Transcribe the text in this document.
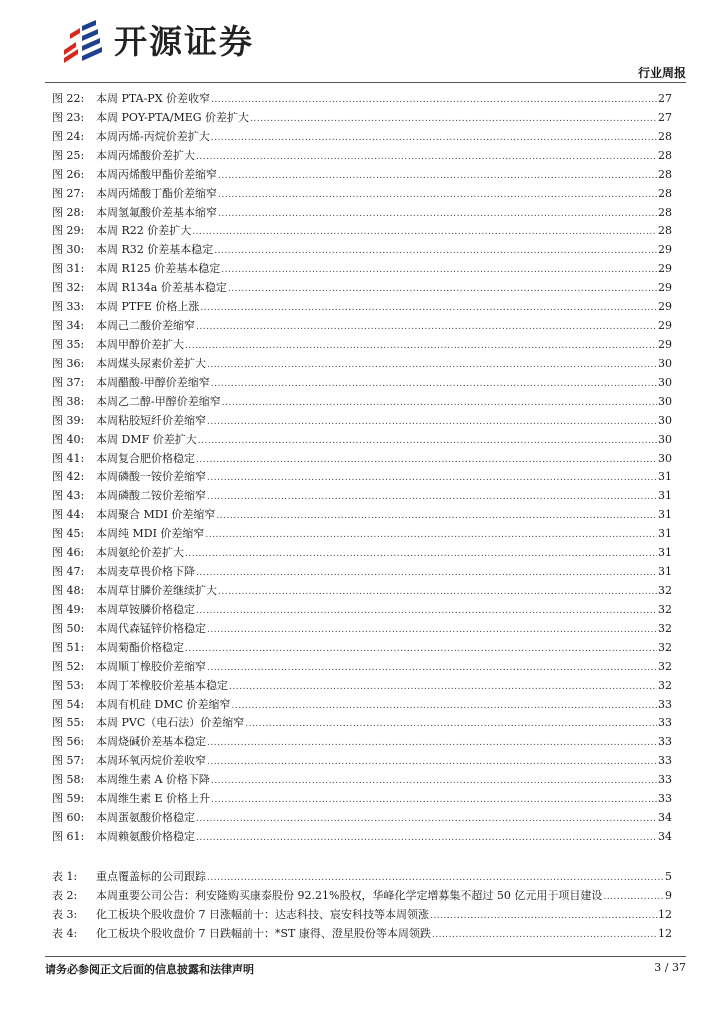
开源证券
行业周报
图 22:	本周 PTA-PX 价差收窄 .....	27
图 23:	本周 POY-PTA/MEG 价差扩大 .....	27
图 24:	本周丙烯-丙烷价差扩大 .....	28
图 25:	本周丙烯酸价差扩大 .....	28
图 26:	本周丙烯酸甲酯价差缩窄 .....	28
图 27:	本周丙烯酸丁酯价差缩窄 .....	28
图 28:	本周氢氟酸价差基本缩窄 .....	28
图 29:	本周 R22 价差扩大 .....	28
图 30:	本周 R32 价差基本稳定 .....	29
图 31:	本周 R125 价差基本稳定 .....	29
图 32:	本周 R134a 价差基本稳定 .....	29
图 33:	本周 PTFE 价格上涨 .....	29
图 34:	本周己二酸价差缩窄 .....	29
图 35:	本周甲醇价差扩大 .....	29
图 36:	本周煤头尿素价差扩大 .....	30
图 37:	本周醋酸-甲醇价差缩窄 .....	30
图 38:	本周乙二醇-甲醇价差缩窄 .....	30
图 39:	本周粘胶短纤价差缩窄 .....	30
图 40:	本周 DMF 价差扩大 .....	30
图 41:	本周复合肥价格稳定 .....	30
图 42:	本周磷酸一铵价差缩窄 .....	31
图 43:	本周磷酸二铵价差缩窄 .....	31
图 44:	本周聚合 MDI 价差缩窄 .....	31
图 45:	本周纯 MDI 价差缩窄 .....	31
图 46:	本周氨纶价差扩大 .....	31
图 47:	本周麦草畏价格下降 .....	31
图 48:	本周草甘膦价差继续扩大 .....	32
图 49:	本周草铵膦价格稳定 .....	32
图 50:	本周代森锰锌价格稳定 .....	32
图 51:	本周菊酯价格稳定 .....	32
图 52:	本周顺丁橡胶价差缩窄 .....	32
图 53:	本周丁苯橡胶价差基本稳定 .....	32
图 54:	本周有机硅 DMC 价差缩窄 .....	33
图 55:	本周 PVC（电石法）价差缩窄 .....	33
图 56:	本周烧碱价差基本稳定 .....	33
图 57:	本周环氧丙烷价差收窄 .....	33
图 58:	本周维生素 A 价格下降 .....	33
图 59:	本周维生素 E 价格上升 .....	33
图 60:	本周蛋氨酸价格稳定 .....	34
图 61:	本周赖氨酸价格稳定 .....	34
表 1:	重点覆盖标的公司跟踪 .....	5
表 2:	本周重要公司公告：利安隆购买康泰股份 92.21%股权，华峰化学定增募集不超过 50 亿元用于项目建设 .....	9
表 3:	化工板块个股收盘价 7 日涨幅前十：达志科技、宸安科技等本周领涨 .....	12
表 4:	化工板块个股收盘价 7 日跌幅前十：*ST 康得、澄星股份等本周领跌 .....	12
请务必参阅正文后面的信息披露和法律声明	3 / 37
